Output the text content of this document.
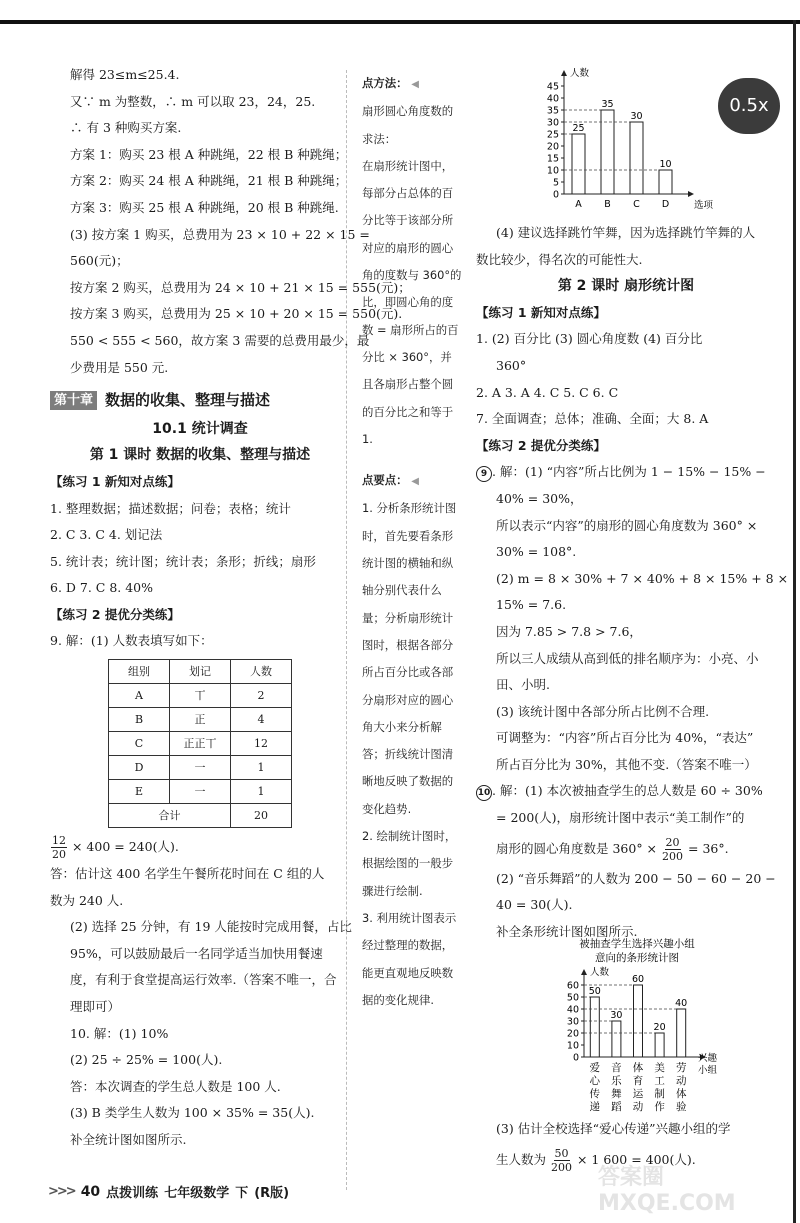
0.5x

解得 23≤m≤25.4.

又∵ m 为整数，∴ m 可以取 23，24，25.

∴ 有 3 种购买方案.

方案 1：购买 23 根 A 种跳绳，22 根 B 种跳绳；

方案 2：购买 24 根 A 种跳绳，21 根 B 种跳绳；

方案 3：购买 25 根 A 种跳绳，20 根 B 种跳绳.

(3) 按方案 1 购买，总费用为 23 × 10 + 22 × 15 =

560(元)；

按方案 2 购买，总费用为 24 × 10 + 21 × 15 = 555(元)；

按方案 3 购买，总费用为 25 × 10 + 20 × 15 = 550(元).

550 < 555 < 560，故方案 3 需要的总费用最少，最

少费用是 550 元.

第十章 数据的收集、整理与描述

10.1 统计调查

第 1 课时 数据的收集、整理与描述

【练习 1 新知对点练】

1. 整理数据；描述数据；问卷；表格；统计

2. C 3. C 4. 划记法

5. 统计表；统计图；统计表；条形；折线；扇形

6. D 7. C 8. 40%

【练习 2 提优分类练】

9. 解：(1) 人数表填写如下：

组别	划记	人数
A	丅	2
B	正	4
C	正正丅	12
D	一	1
E	一	1
合计		20

$\frac{12}{20} \times 400 = 240$(人).

答：估计这 400 名学生午餐所花时间在 C 组的人

数为 240 人.

(2) 选择 25 分钟，有 19 人能按时完成用餐，占比

95%，可以鼓励最后一名同学适当加快用餐速

度，有利于食堂提高运行效率.（答案不唯一，合

理即可）

10. 解：(1) 10%

(2) 25 ÷ 25% = 100(人).

答：本次调查的学生总人数是 100 人.

(3) B 类学生人数为 100 × 35% = 35(人).

补全统计图如图所示.

点方法： ◀

扇形圆心角度数的求法：

在扇形统计图中，每部分占总体的百分比等于该部分所对应的扇形的圆心角的度数与 360°的比，即圆心角的度数 = 扇形所占的百分比 × 360°，并且各扇形占整个圆的百分比之和等于 1.

点要点： ◀

1. 分析条形统计图时，首先要看条形统计图的横轴和纵轴分别代表什么量；分析扇形统计图时，根据各部分所占百分比或各部分扇形对应的圆心角大小来分析解答；折线统计图清晰地反映了数据的变化趋势.

2. 绘制统计图时，根据绘图的一般步骤进行绘制.

3. 利用统计图表示经过整理的数据，能更直观地反映数据的变化规律.

0
5
10
15
20
25
30
35
40
45
人数
25
A
35
B
30
C
10
D	选项

(4) 建议选择跳竹竿舞，因为选择跳竹竿舞的人

数比较少，得名次的可能性大.

第 2 课时 扇形统计图

【练习 1 新知对点练】

1. (2) 百分比 (3) 圆心角度数 (4) 百分比

360°

2. A 3. A 4. C 5. C 6. C

7. 全面调查；总体；准确、全面；大 8. A

【练习 2 提优分类练】

9 . 解：(1) “内容”所占比例为 1 − 15% − 15% −

40% = 30%，

所以表示“内容”的扇形的圆心角度数为 360° ×

30% = 108°.

(2) m = 8 × 30% + 7 × 40% + 8 × 15% + 8 ×

15% = 7.6.

因为 7.85 > 7.8 > 7.6，

所以三人成绩从高到低的排名顺序为：小亮、小

田、小明.

(3) 该统计图中各部分所占比例不合理.

可调整为：“内容”所占百分比为 40%，“表达”

所占百分比为 30%，其他不变.（答案不唯一）

10 . 解：(1) 本次被抽查学生的总人数是 60 ÷ 30%

= 200(人)，扇形统计图中表示“美工制作”的

扇形的圆心角度数是 $360^\circ \times \frac{20}{200} = 36^\circ$.

(2) “音乐舞蹈”的人数为 200 − 50 − 60 − 20 −

40 = 30(人).

补全条形统计图如图所示.

被抽查学生选择兴趣小组
意向的条形统计图
0
10
20
30
40
50
60
人数
50
爱
心
传
递
30
音
乐
舞
蹈
60
体
育
运
动
20
美
工
制
作
40
劳
动
体
验
兴趣
小组

(3) 估计全校选择“爱心传递”兴趣小组的学

生人数为 $\frac{50}{200} \times 1$ 600 = 400(人).

答案圈 MXQE.COM
>>> 40 点拨训练 七年级数学 下 (R版)
